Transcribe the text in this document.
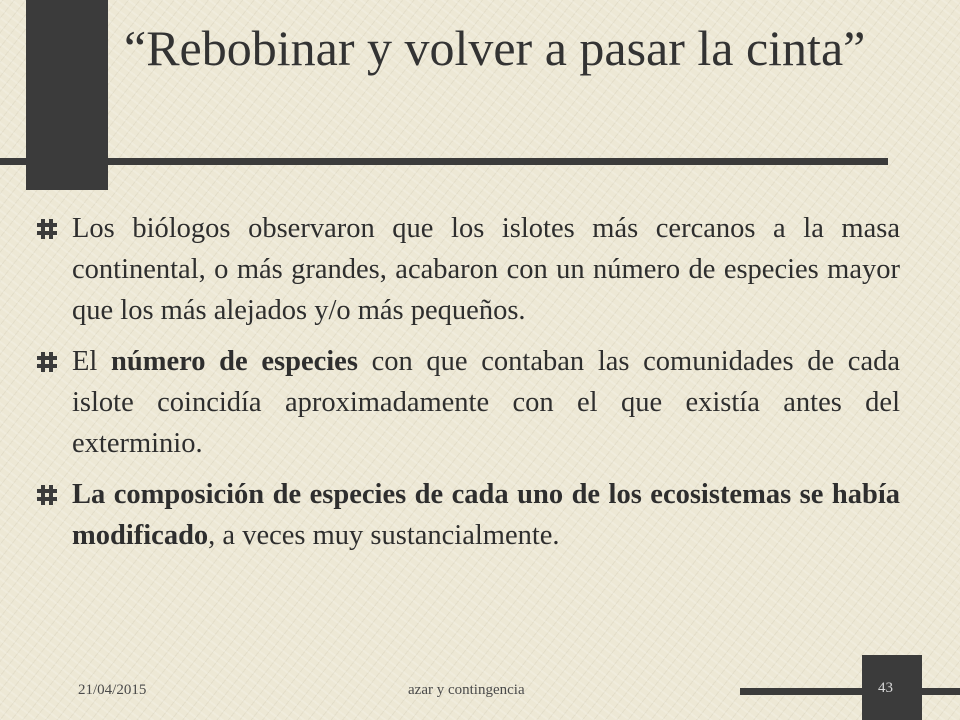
“Rebobinar y volver a pasar la cinta”
Los biólogos observaron que los islotes más cercanos a la masa continental, o más grandes, acabaron con un número de especies mayor que los más alejados y/o más pequeños.
El número de especies con que contaban las comunidades de cada islote coincidía aproximadamente con el que existía antes del exterminio.
La composición de especies de cada uno de los ecosistemas se había modificado, a veces muy sustancialmente.
21/04/2015	azar y contingencia	43
